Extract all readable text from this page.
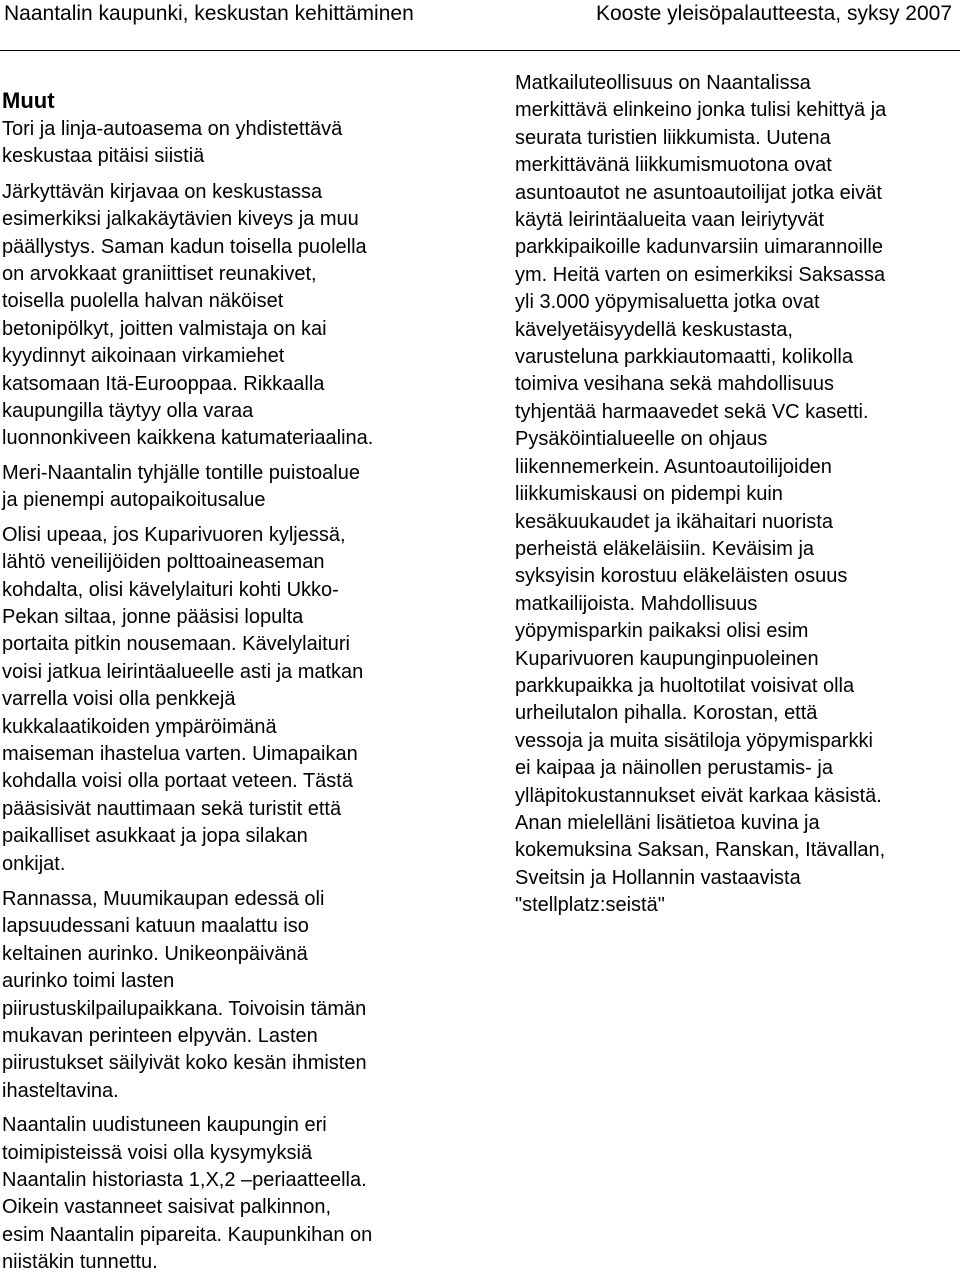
Naantalin kaupunki, keskustan kehittäminen	Kooste yleisöpalautteesta, syksy 2007

Muut

Tori ja linja-autoasema on yhdistettävä

keskustaa pitäisi siistiä

Järkyttävän kirjavaa on keskustassa

esimerkiksi jalkakäytävien kiveys ja muu

päällystys. Saman kadun toisella puolella

on arvokkaat graniittiset reunakivet,

toisella puolella halvan näköiset

betonipölkyt, joitten valmistaja on kai

kyydinnyt aikoinaan virkamiehet

katsomaan Itä-Eurooppaa. Rikkaalla

kaupungilla täytyy olla varaa

luonnonkiveen kaikkena katumateriaalina.

Meri-Naantalin tyhjälle tontille puistoalue

ja pienempi autopaikoitusalue

Olisi upeaa, jos Kuparivuoren kyljessä,

lähtö veneilijöiden polttoaineaseman

kohdalta, olisi kävelylaituri kohti Ukko-

Pekan siltaa, jonne pääsisi lopulta

portaita pitkin nousemaan. Kävelylaituri

voisi jatkua leirintäalueelle asti ja matkan

varrella voisi olla penkkejä

kukkalaatikoiden ympäröimänä

maiseman ihastelua varten. Uimapaikan

kohdalla voisi olla portaat veteen. Tästä

pääsisivät nauttimaan sekä turistit että

paikalliset asukkaat ja jopa silakan

onkijat.

Rannassa, Muumikaupan edessä oli

lapsuudessani katuun maalattu iso

keltainen aurinko. Unikeonpäivänä

aurinko toimi lasten

piirustuskilpailupaikkana. Toivoisin tämän

mukavan perinteen elpyvän. Lasten

piirustukset säilyivät koko kesän ihmisten

ihasteltavina.

Naantalin uudistuneen kaupungin eri

toimipisteissä voisi olla kysymyksiä

Naantalin historiasta 1,X,2 –periaatteella.

Oikein vastanneet saisivat palkinnon,

esim Naantalin pipareita. Kaupunkihan on

niistäkin tunnettu.

Matkailuteollisuus on Naantalissa

merkittävä elinkeino jonka tulisi kehittyä ja

seurata turistien liikkumista. Uutena

merkittävänä liikkumismuotona ovat

asuntoautot ne asuntoautoilijat jotka eivät

käytä leirintäalueita vaan leiriytyvät

parkkipaikoille kadunvarsiin uimarannoille

ym. Heitä varten on esimerkiksi Saksassa

yli 3.000 yöpymisaluetta jotka ovat

kävelyetäisyydellä keskustasta,

varusteluna parkkiautomaatti, kolikolla

toimiva vesihana sekä mahdollisuus

tyhjentää harmaavedet sekä VC kasetti.

Pysäköintialueelle on ohjaus

liikennemerkein. Asuntoautoilijoiden

liikkumiskausi on pidempi kuin

kesäkuukaudet ja ikähaitari nuorista

perheistä eläkeläisiin. Keväisim ja

syksyisin korostuu eläkeläisten osuus

matkailijoista. Mahdollisuus

yöpymisparkin paikaksi olisi esim

Kuparivuoren kaupunginpuoleinen

parkkupaikka ja huoltotilat voisivat olla

urheilutalon pihalla. Korostan, että

vessoja ja muita sisätiloja yöpymisparkki

ei kaipaa ja näinollen perustamis- ja

ylläpitokustannukset eivät karkaa käsistä.

Anan mielelläni lisätietoa kuvina ja

kokemuksina Saksan, Ranskan, Itävallan,

Sveitsin ja Hollannin vastaavista

"stellplatz:seistä"
